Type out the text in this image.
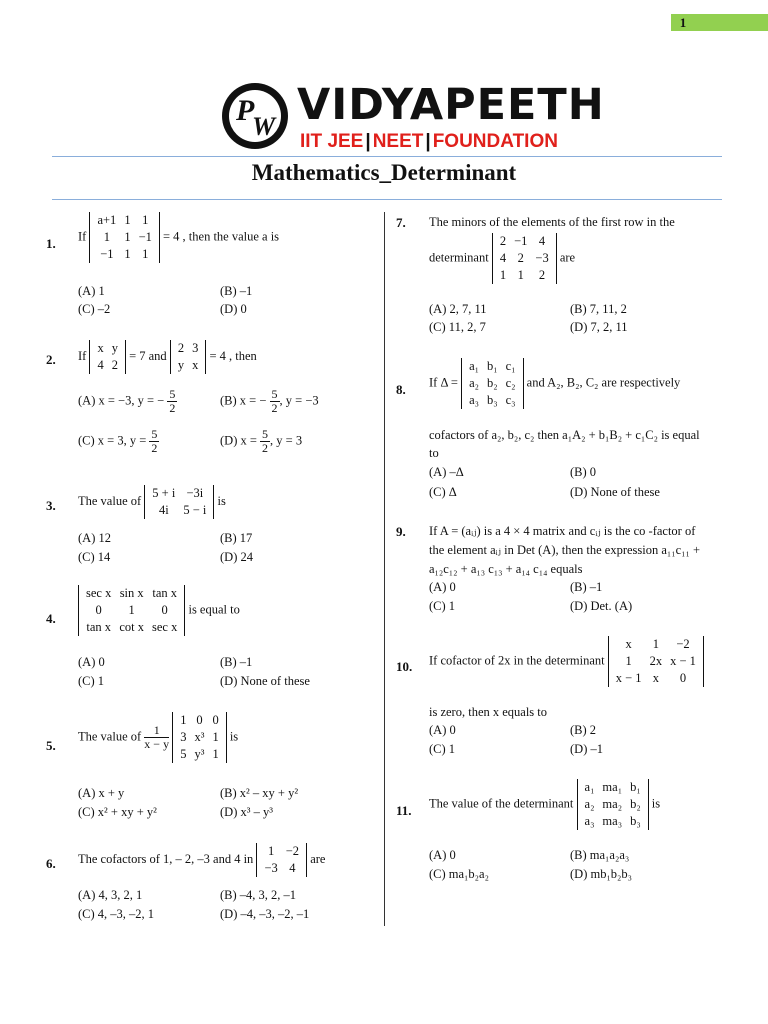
1
P
W VIDYAPEETH
IIT JEE | NEET | FOUNDATION
Mathematics_Determinant
1. If
a+1	1	1
1	1	−1
−1	1	1
= 4 , then the value a is
(A) 1	(B) –1
(C) –2	(D) 0
2. If
x	y
4	2
= 7 and
2	3
y	x
= 4 , then
(A) x = −3, y = − $\frac{5}{2}$	(B) x = − $\frac{5}{2}$ , y = −3
(C) x = 3, $y = \frac{5}{2}$	(D) $x = \frac{5}{2}$ , y = 3
3. The value of
5 + i	−3i
4i	5 − i
is
(A) 12	(B) 17
(C) 14	(D) 24
4.
sec x	sin x	tan x
0	1	0
tan x	cot x	sec x
is equal to
(A) 0	(B) –1
(C) 1	(D) None of these
5.
The value of $\frac{1}{x - y}$

1	0	0
3	x³	1
5	y³	1
is
(A) x + y	(B) x² – xy + y²
(C) x² + xy + y²	(D) x³ – y³
6. The cofactors of 1, – 2, –3 and 4 in
1	−2
−3	4
are
(A) 4, 3, 2, 1	(B) –4, 3, 2, –1
(C) 4, –3, –2, 1	(D) –4, –3, –2, –1
7. The minors of the elements of the first row in the
determinant
2	−1	4
4	2	−3
1	1	2
are
(A) 2, 7, 11	(B) 7, 11, 2
(C) 11, 2, 7	(D) 7, 2, 11
8. If Δ =
a₁	b₁	c₁
a₂	b₂	c₂
a₃	b₃	c₃
and A₂, B₂, C₂ are respectively
cofactors of a₂, b₂, c₂ then a₁A₂ + b₁B₂ + c₁C₂ is equal
to
(A) –Δ	(B) 0
(C) Δ	(D) None of these
9. If A = (aᵢⱼ) is a 4 × 4 matrix and cᵢⱼ is the co -factor of
the element aᵢⱼ in Det (A), then the expression a₁₁c₁₁ +
a₁₂c₁₂ + a₁₃ c₁₃ + a₁₄ c₁₄ equals
(A) 0	(B) –1
(C) 1	(D) Det. (A)
10. If cofactor of 2x in the determinant
x	1	−2
1	2x	x − 1
x − 1	x	0
is zero, then x equals to
(A) 0	(B) 2
(C) 1	(D) –1
11. The value of the determinant
a₁	ma₁	b₁
a₂	ma₂	b₂
a₃	ma₃	b₃
is
(A) 0	(B) ma₁a₂a₃
(C) ma₁b₂a₂	(D) mb₁b₂b₃
